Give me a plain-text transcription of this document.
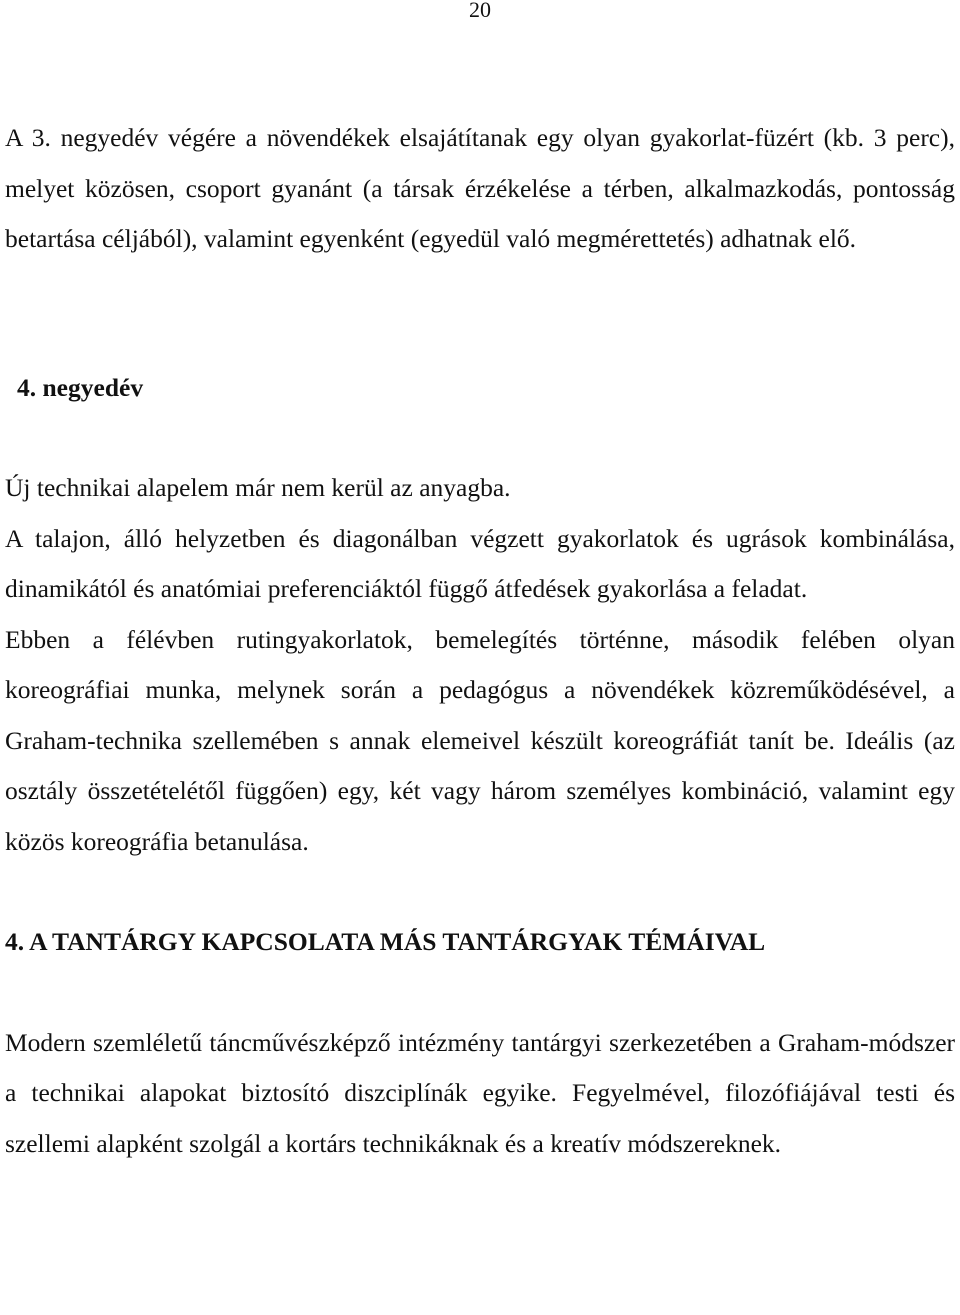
20

A 3. negyedév végére a növendékek elsajátítanak egy olyan gyakorlat-füzért (kb. 3 perc), melyet közösen, csoport gyanánt (a társak érzékelése a térben, alkalmazkodás, pontosság betartása céljából), valamint egyenként (egyedül való megmérettetés) adhatnak elő.

4. negyedév

Új technikai alapelem már nem kerül az anyagba.

A talajon, álló helyzetben és diagonálban végzett gyakorlatok és ugrások kombinálása, dinamikától és anatómiai preferenciáktól függő átfedések gyakorlása a feladat.

Ebben a félévben rutingyakorlatok, bemelegítés történne, második felében olyan koreográfiai munka, melynek során a pedagógus a növendékek közreműködésével, a Graham-technika szellemében s annak elemeivel készült koreográfiát tanít be. Ideális (az osztály összetételétől függően) egy, két vagy három személyes kombináció, valamint egy közös koreográfia betanulása.

4. A TANTÁRGY KAPCSOLATA MÁS TANTÁRGYAK TÉMÁIVAL

Modern szemléletű táncművészképző intézmény tantárgyi szerkezetében a Graham-módszer a technikai alapokat biztosító diszciplínák egyike. Fegyelmével, filozófiájával testi és szellemi alapként szolgál a kortárs technikáknak és a kreatív módszereknek.
